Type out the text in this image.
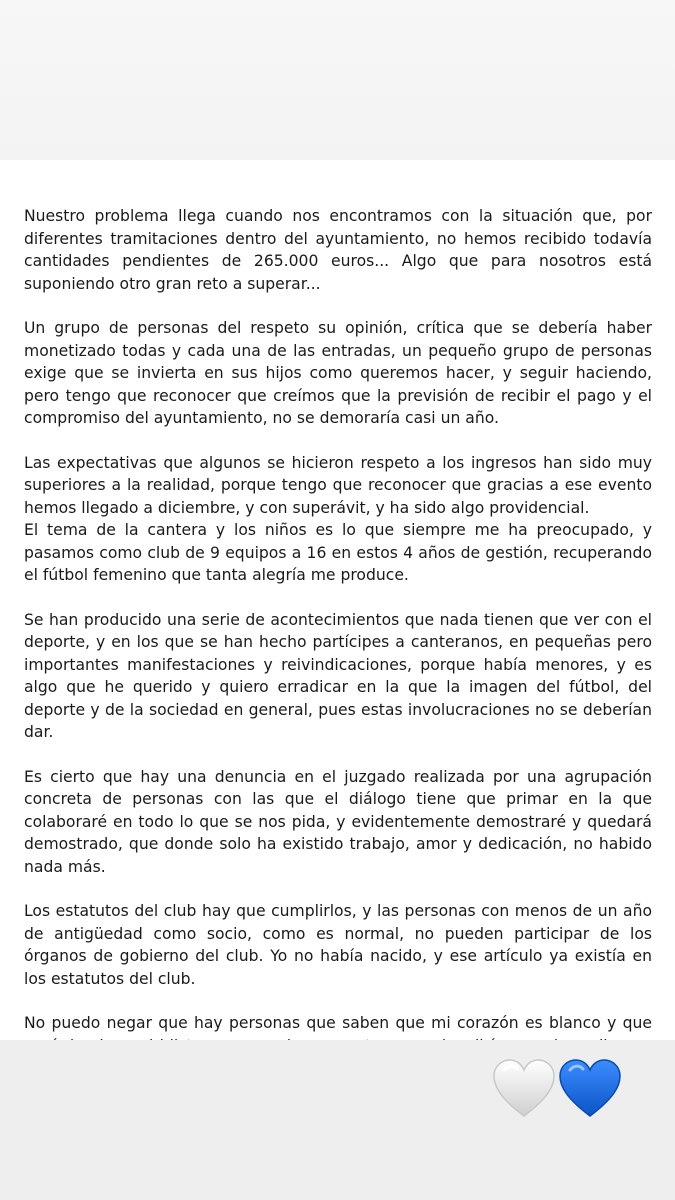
Nuestro problema llega cuando nos encontramos con la situación que, por diferentes tramitaciones dentro del ayuntamiento, no hemos recibido todavía cantidades pendientes de 265.000 euros... Algo que para nosotros está suponiendo otro gran reto a superar...

Un grupo de personas del respeto su opinión, crítica que se debería haber monetizado todas y cada una de las entradas, un pequeño grupo de personas exige que se invierta en sus hijos como queremos hacer, y seguir haciendo, pero tengo que reconocer que creímos que la previsión de recibir el pago y el compromiso del ayuntamiento, no se demoraría casi un año.

Las expectativas que algunos se hicieron respeto a los ingresos han sido muy superiores a la realidad, porque tengo que reconocer que gracias a ese evento hemos llegado a diciembre, y con superávit, y ha sido algo providencial.

El tema de la cantera y los niños es lo que siempre me ha preocupado, y pasamos como club de 9 equipos a 16 en estos 4 años de gestión, recuperando el fútbol femenino que tanta alegría me produce.

Se han producido una serie de acontecimientos que nada tienen que ver con el deporte, y en los que se han hecho partícipes a canteranos, en pequeñas pero importantes manifestaciones y reivindicaciones, porque había menores, y es algo que he querido y quiero erradicar en la que la imagen del fútbol, del deporte y de la sociedad en general, pues estas involucraciones no se deberían dar.

Es cierto que hay una denuncia en el juzgado realizada por una agrupación concreta de personas con las que el diálogo tiene que primar en la que colaboraré en todo lo que se nos pida, y evidentemente demostraré y quedará demostrado, que donde solo ha existido trabajo, amor y dedicación, no habido nada más.

Los estatutos del club hay que cumplirlos, y las personas con menos de un año de antigüedad como socio, como es normal, no pueden participar de los órganos de gobierno del club. Yo no había nacido, y ese artículo ya existía en los estatutos del club.

No puedo negar que hay personas que saben que mi corazón es blanco y que
